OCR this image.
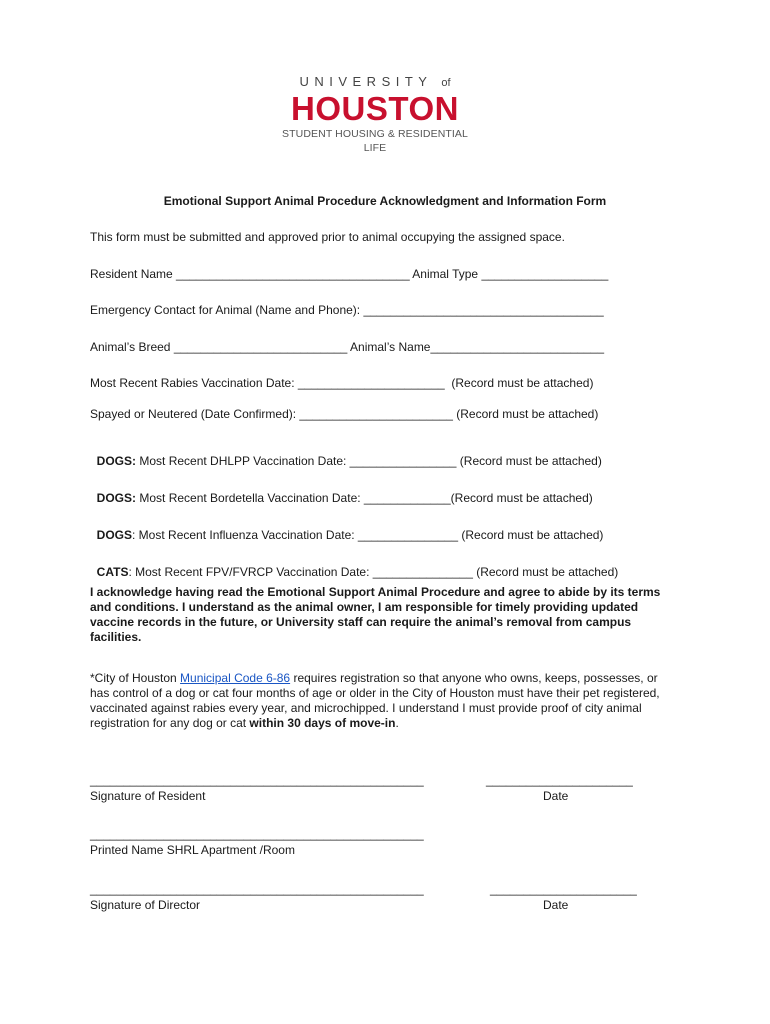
UNIVERSITY of
HOUSTON
STUDENT HOUSING & RESIDENTIAL LIFE
Emotional Support Animal Procedure Acknowledgment and Information Form
This form must be submitted and approved prior to animal occupying the assigned space.
Resident Name ___________________________________ Animal Type ___________________
Emergency Contact for Animal (Name and Phone): ____________________________________
Animal’s Breed __________________________ Animal’s Name__________________________
Most Recent Rabies Vaccination Date: ______________________  (Record must be attached)
Spayed or Neutered (Date Confirmed): _______________________ (Record must be attached)

DOGS: Most Recent DHLPP Vaccination Date: ________________ (Record must be attached)

DOGS: Most Recent Bordetella Vaccination Date: _____________(Record must be attached)

DOGS: Most Recent Influenza Vaccination Date: _______________ (Record must be attached)

CATS: Most Recent FPV/FVRCP Vaccination Date: _______________ (Record must be attached)

I acknowledge having read the Emotional Support Animal Procedure and agree to abide by its terms and conditions. I understand as the animal owner, I am responsible for timely providing updated vaccine records in the future, or University staff can require the animal’s removal from campus facilities.
*City of Houston Municipal Code 6-86 requires registration so that anyone who owns, keeps, possesses, or has control of a dog or cat four months of age or older in the City of Houston must have their pet registered, vaccinated against rabies every year, and microchipped. I understand I must provide proof of city animal registration for any dog or cat within 30 days of move-in.
__________________________________________________	______________________
Signature of Resident	Date
__________________________________________________
Printed Name SHRL Apartment /Room
__________________________________________________	______________________
Signature of Director	Date
